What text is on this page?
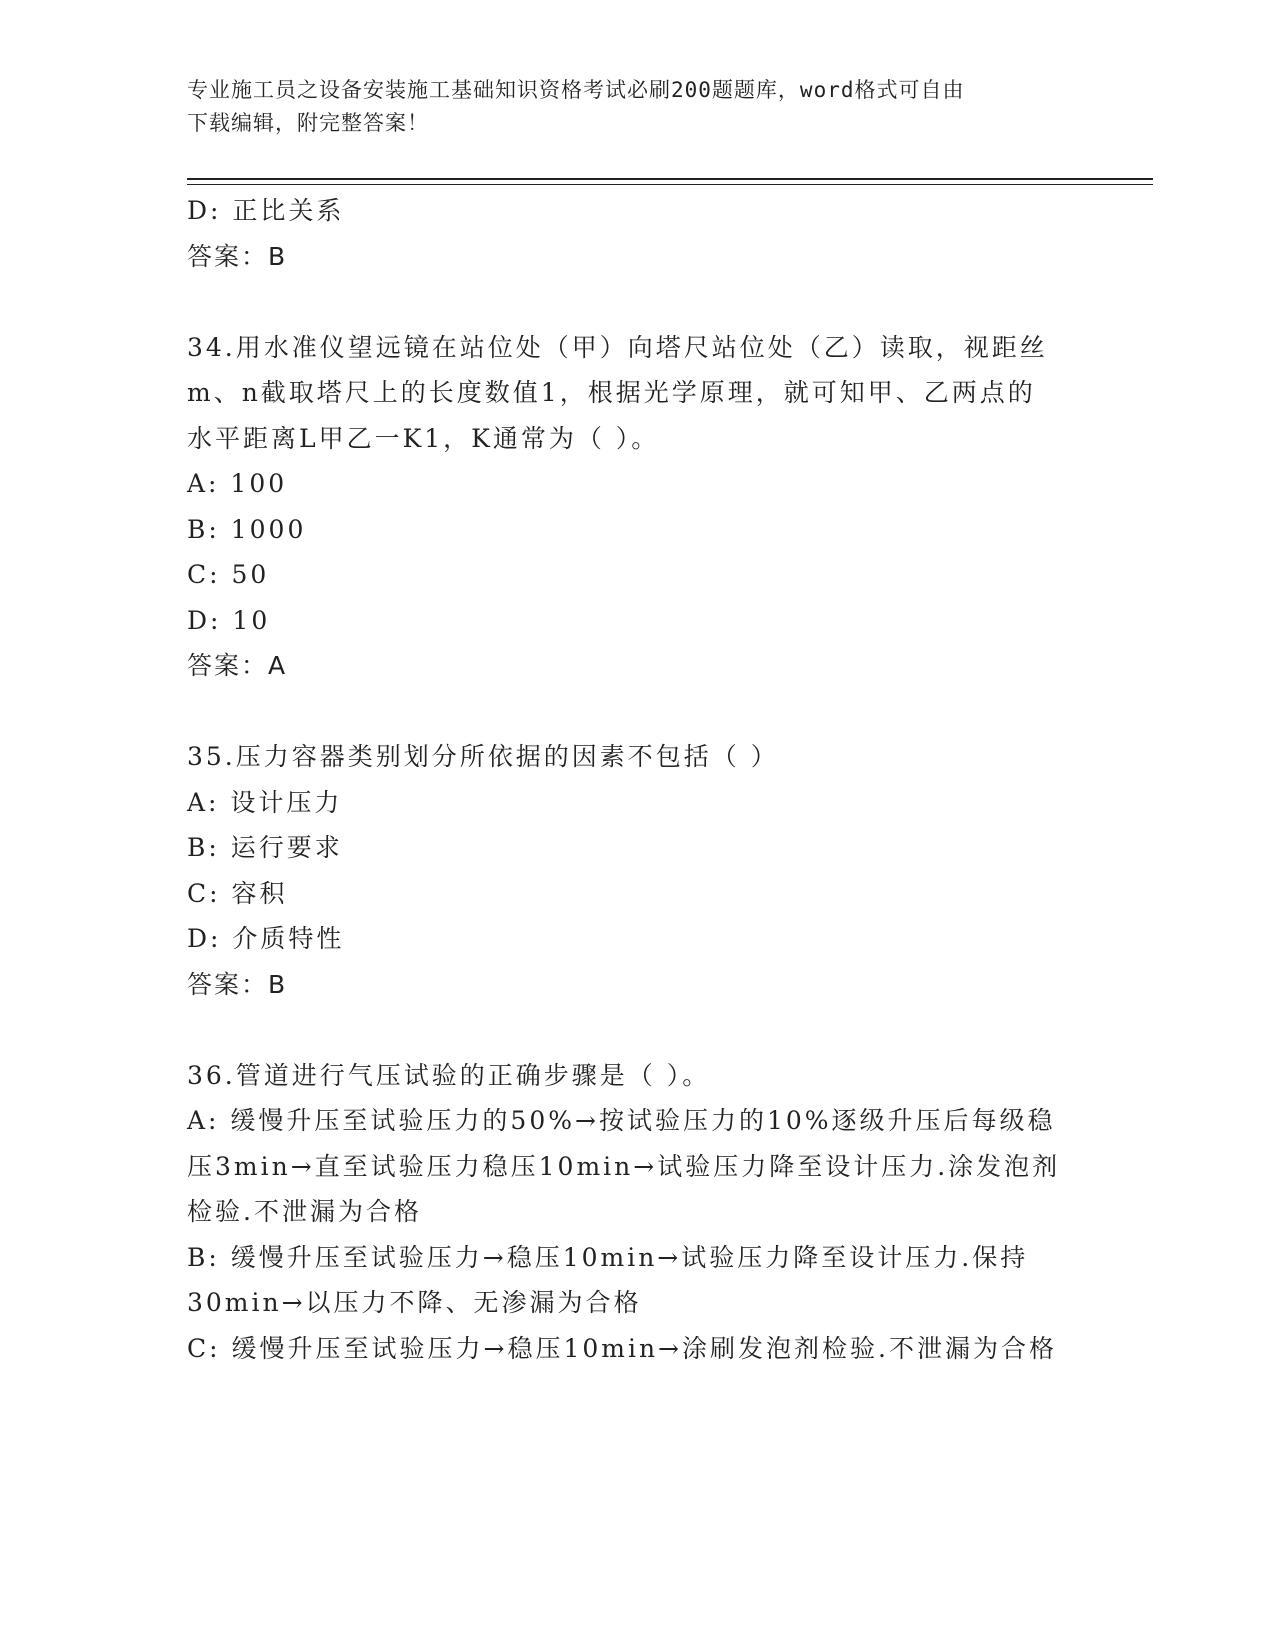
专业施工员之设备安装施工基础知识资格考试必刷200题题库，word格式可自由
下载编辑，附完整答案！
D: 正比关系
答案：B
34.用水准仪望远镜在站位处（甲）向塔尺站位处（乙）读取，视距丝
m、n截取塔尺上的长度数值1，根据光学原理，就可知甲、乙两点的
水平距离L甲乙一K1，K通常为（ ）。
A: 100
B: 1000
C: 50
D: 10
答案：A
35.压力容器类别划分所依据的因素不包括（ ）
A: 设计压力
B: 运行要求
C: 容积
D: 介质特性
答案：B
36.管道进行气压试验的正确步骤是（ ）。
A: 缓慢升压至试验压力的50%→按试验压力的10%逐级升压后每级稳
压3min→直至试验压力稳压10min→试验压力降至设计压力.涂发泡剂
检验.不泄漏为合格
B: 缓慢升压至试验压力→稳压10min→试验压力降至设计压力.保持
30min→以压力不降、无渗漏为合格
C: 缓慢升压至试验压力→稳压10min→涂刷发泡剂检验.不泄漏为合格
